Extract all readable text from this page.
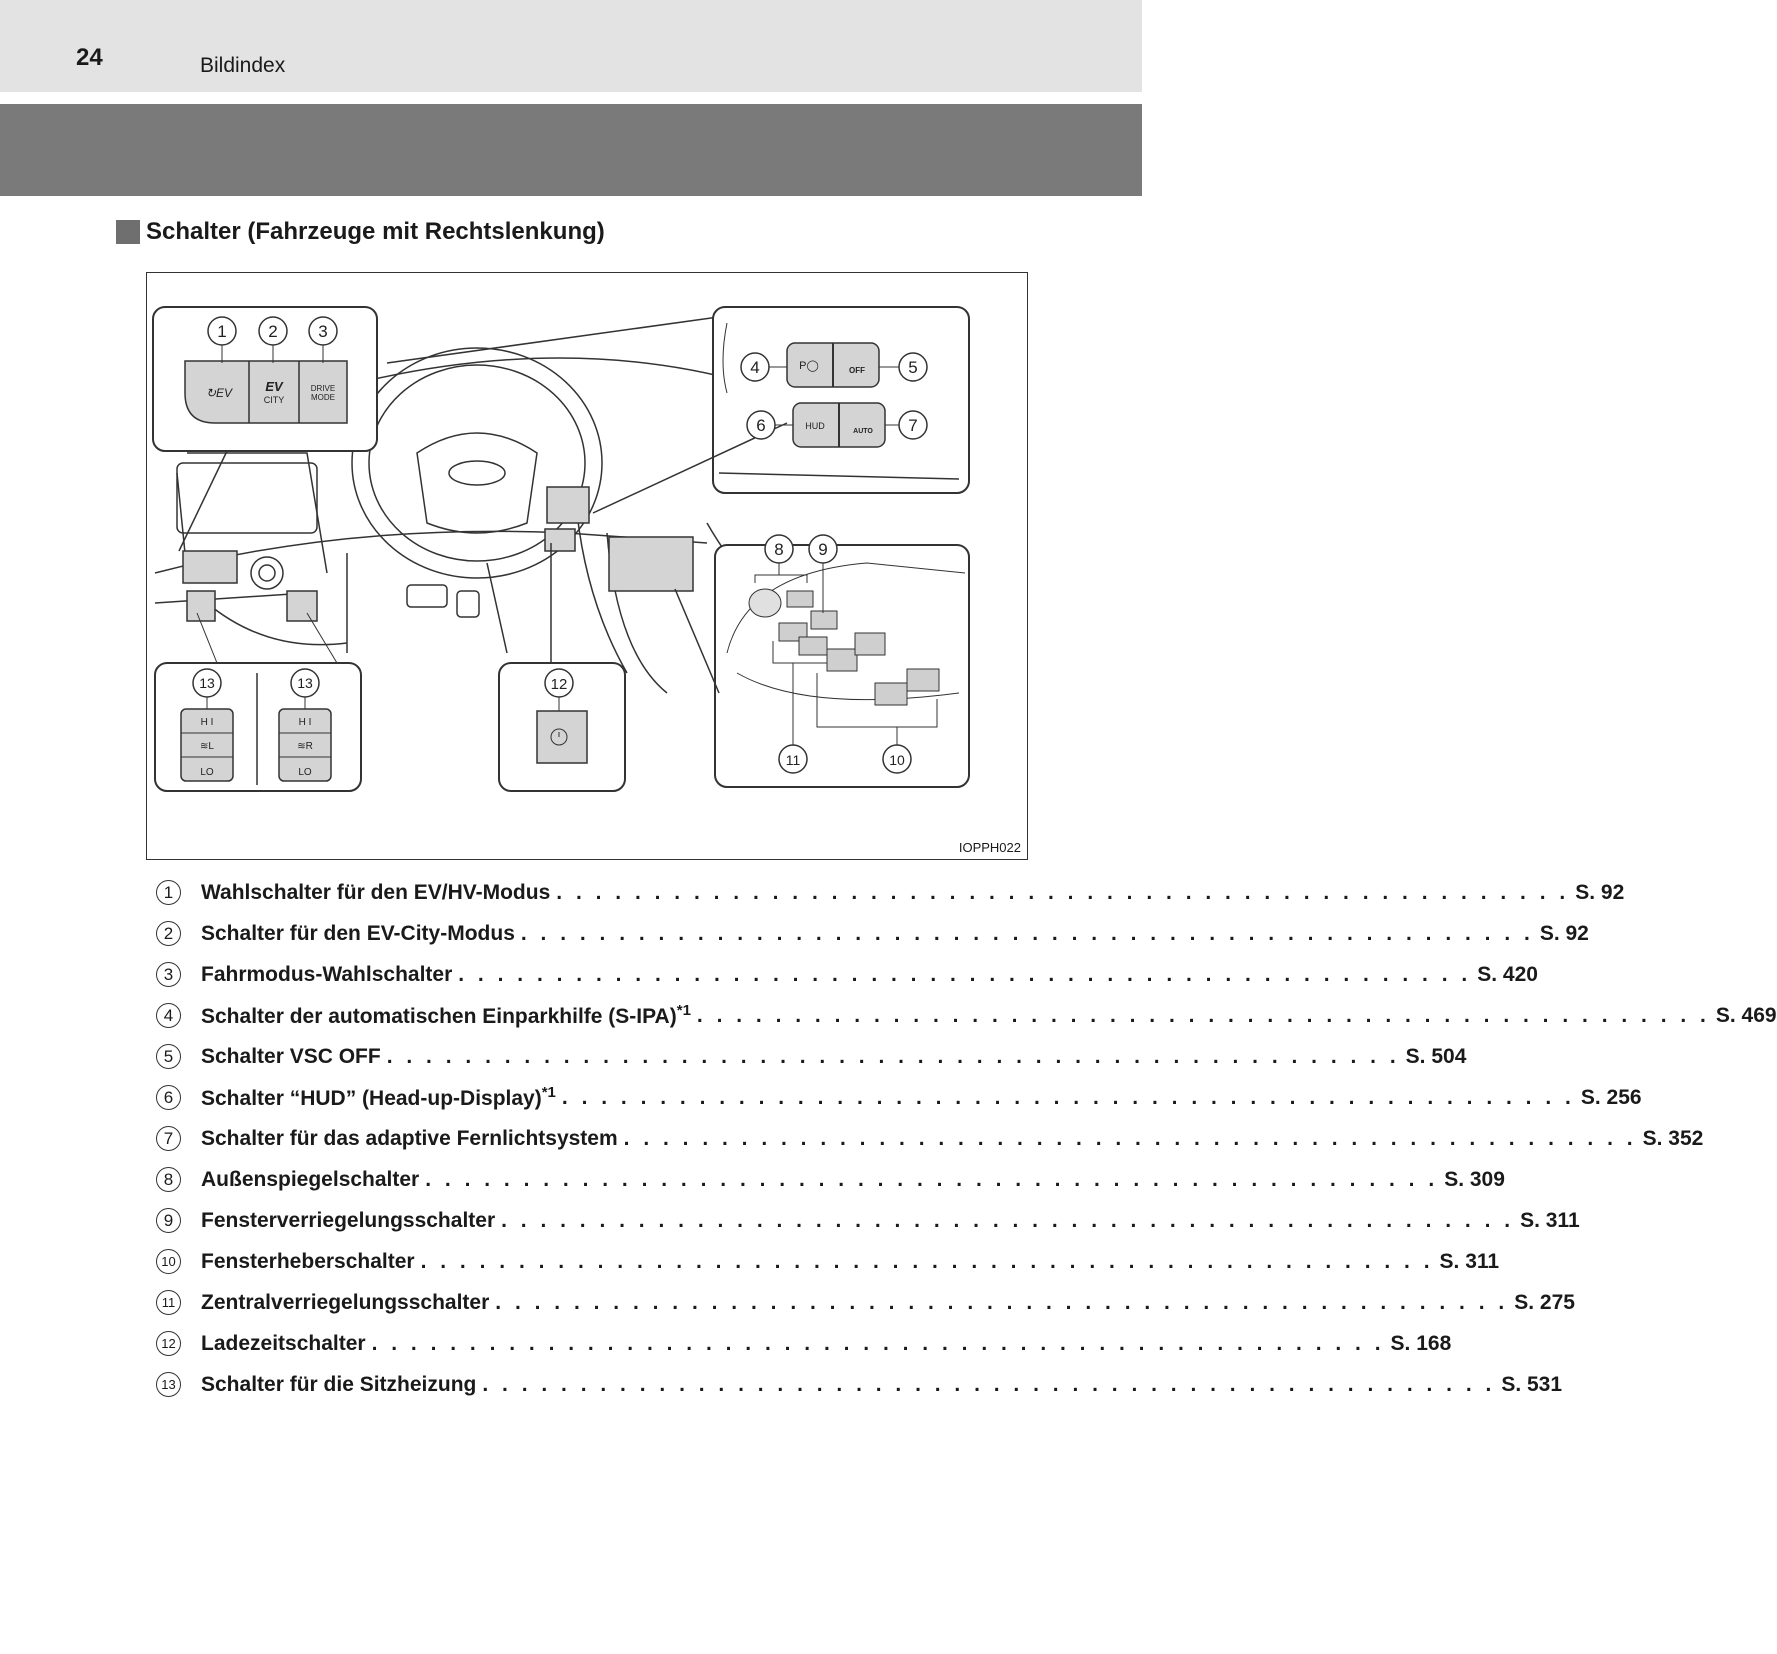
24	Bildindex
Schalter (Fahrzeuge mit Rechtslenkung)
1 2 3
↻EV	EV
CITY
DRIVE
MODE
4	5
6	7
P◯	OFF
HUD
AUTO
8 9
11	10
12
13	13
H I
≋L
LO
H I
≋R
LO
IOPPH022
1	Wahlschalter für den EV/HV-Modus . . . . . . . . . . . . . . . . . . . . . . . . . . . . . . . . . . . . . . . . . . . . . . . . . . . . S. 92
2	Schalter für den EV-City-Modus . . . . . . . . . . . . . . . . . . . . . . . . . . . . . . . . . . . . . . . . . . . . . . . . . . . . S. 92
3	Fahrmodus-Wahlschalter . . . . . . . . . . . . . . . . . . . . . . . . . . . . . . . . . . . . . . . . . . . . . . . . . . . . S. 420
4	Schalter der automatischen Einparkhilfe $(S-IPA)^{*1}$ . . . . . . . . . . . . . . . . . . . . . . . . . . . . . . . . . . . . . . . . . . . . . . . . . . . . S. 469
5	Schalter VSC OFF . . . . . . . . . . . . . . . . . . . . . . . . . . . . . . . . . . . . . . . . . . . . . . . . . . . . S. 504
6	Schalter “HUD” (Head-up-Display)$^{*1}$ . . . . . . . . . . . . . . . . . . . . . . . . . . . . . . . . . . . . . . . . . . . . . . . . . . . . S. 256
7	Schalter für das adaptive Fernlichtsystem . . . . . . . . . . . . . . . . . . . . . . . . . . . . . . . . . . . . . . . . . . . . . . . . . . . . S. 352
8	Außenspiegelschalter . . . . . . . . . . . . . . . . . . . . . . . . . . . . . . . . . . . . . . . . . . . . . . . . . . . . S. 309
9	Fensterverriegelungsschalter . . . . . . . . . . . . . . . . . . . . . . . . . . . . . . . . . . . . . . . . . . . . . . . . . . . . S. 311
10 Fensterheberschalter . . . . . . . . . . . . . . . . . . . . . . . . . . . . . . . . . . . . . . . . . . . . . . . . . . . . S. 311
11 Zentralverriegelungsschalter . . . . . . . . . . . . . . . . . . . . . . . . . . . . . . . . . . . . . . . . . . . . . . . . . . . . S. 275
12 Ladezeitschalter . . . . . . . . . . . . . . . . . . . . . . . . . . . . . . . . . . . . . . . . . . . . . . . . . . . . S. 168
13 Schalter für die Sitzheizung . . . . . . . . . . . . . . . . . . . . . . . . . . . . . . . . . . . . . . . . . . . . . . . . . . . . S. 531
